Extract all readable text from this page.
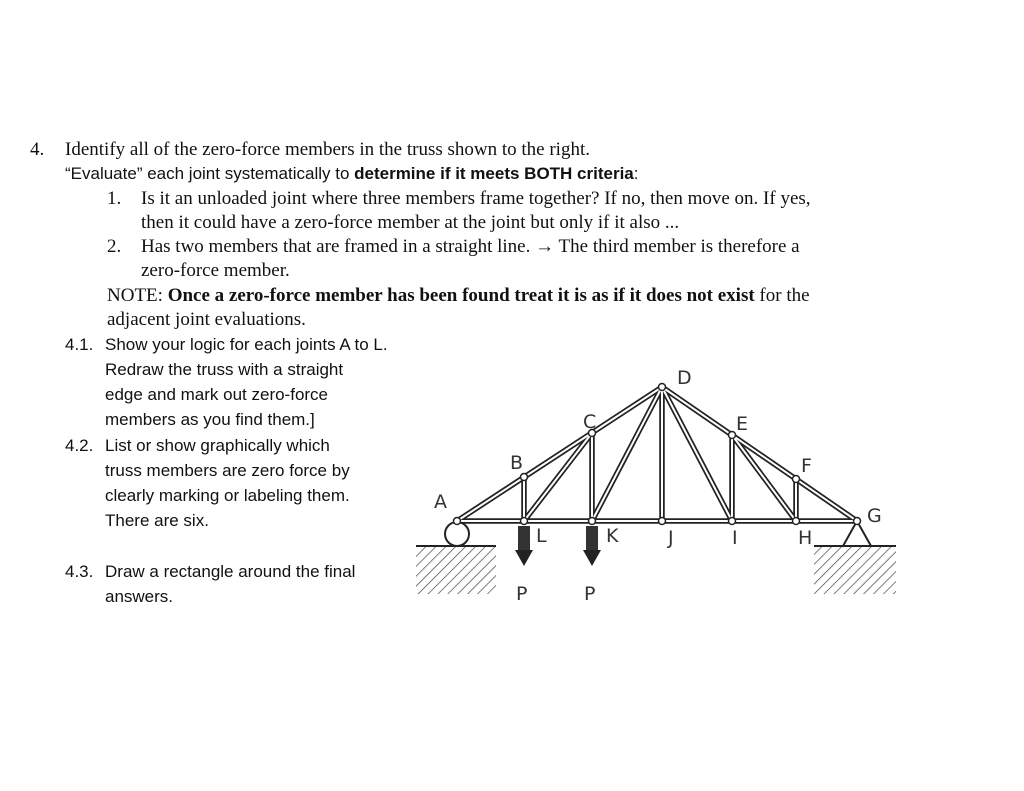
4. Identify all of the zero-force members in the truss shown to the right.
“Evaluate” each joint systematically to determine if it meets BOTH criteria:
1. Is it an unloaded joint where three members frame together? If no, then move on. If yes,
then it could have a zero-force member at the joint but only if it also ...
2. Has two members that are framed in a straight line. → The third member is therefore a
zero-force member.
NOTE: Once a zero-force member has been found treat it is as if it does not exist for the
adjacent joint evaluations.
4.1. Show your logic for each joints A to L.
Redraw the truss with a straight
edge and mark out zero-force
members as you find them.]
4.2. List or show graphically which
truss members are zero force by
clearly marking or labeling them.
There are six.
4.3. Draw a rectangle around the final
answers.	P	P
A
B
C
D
E
F
G
H
I
J
K
L
